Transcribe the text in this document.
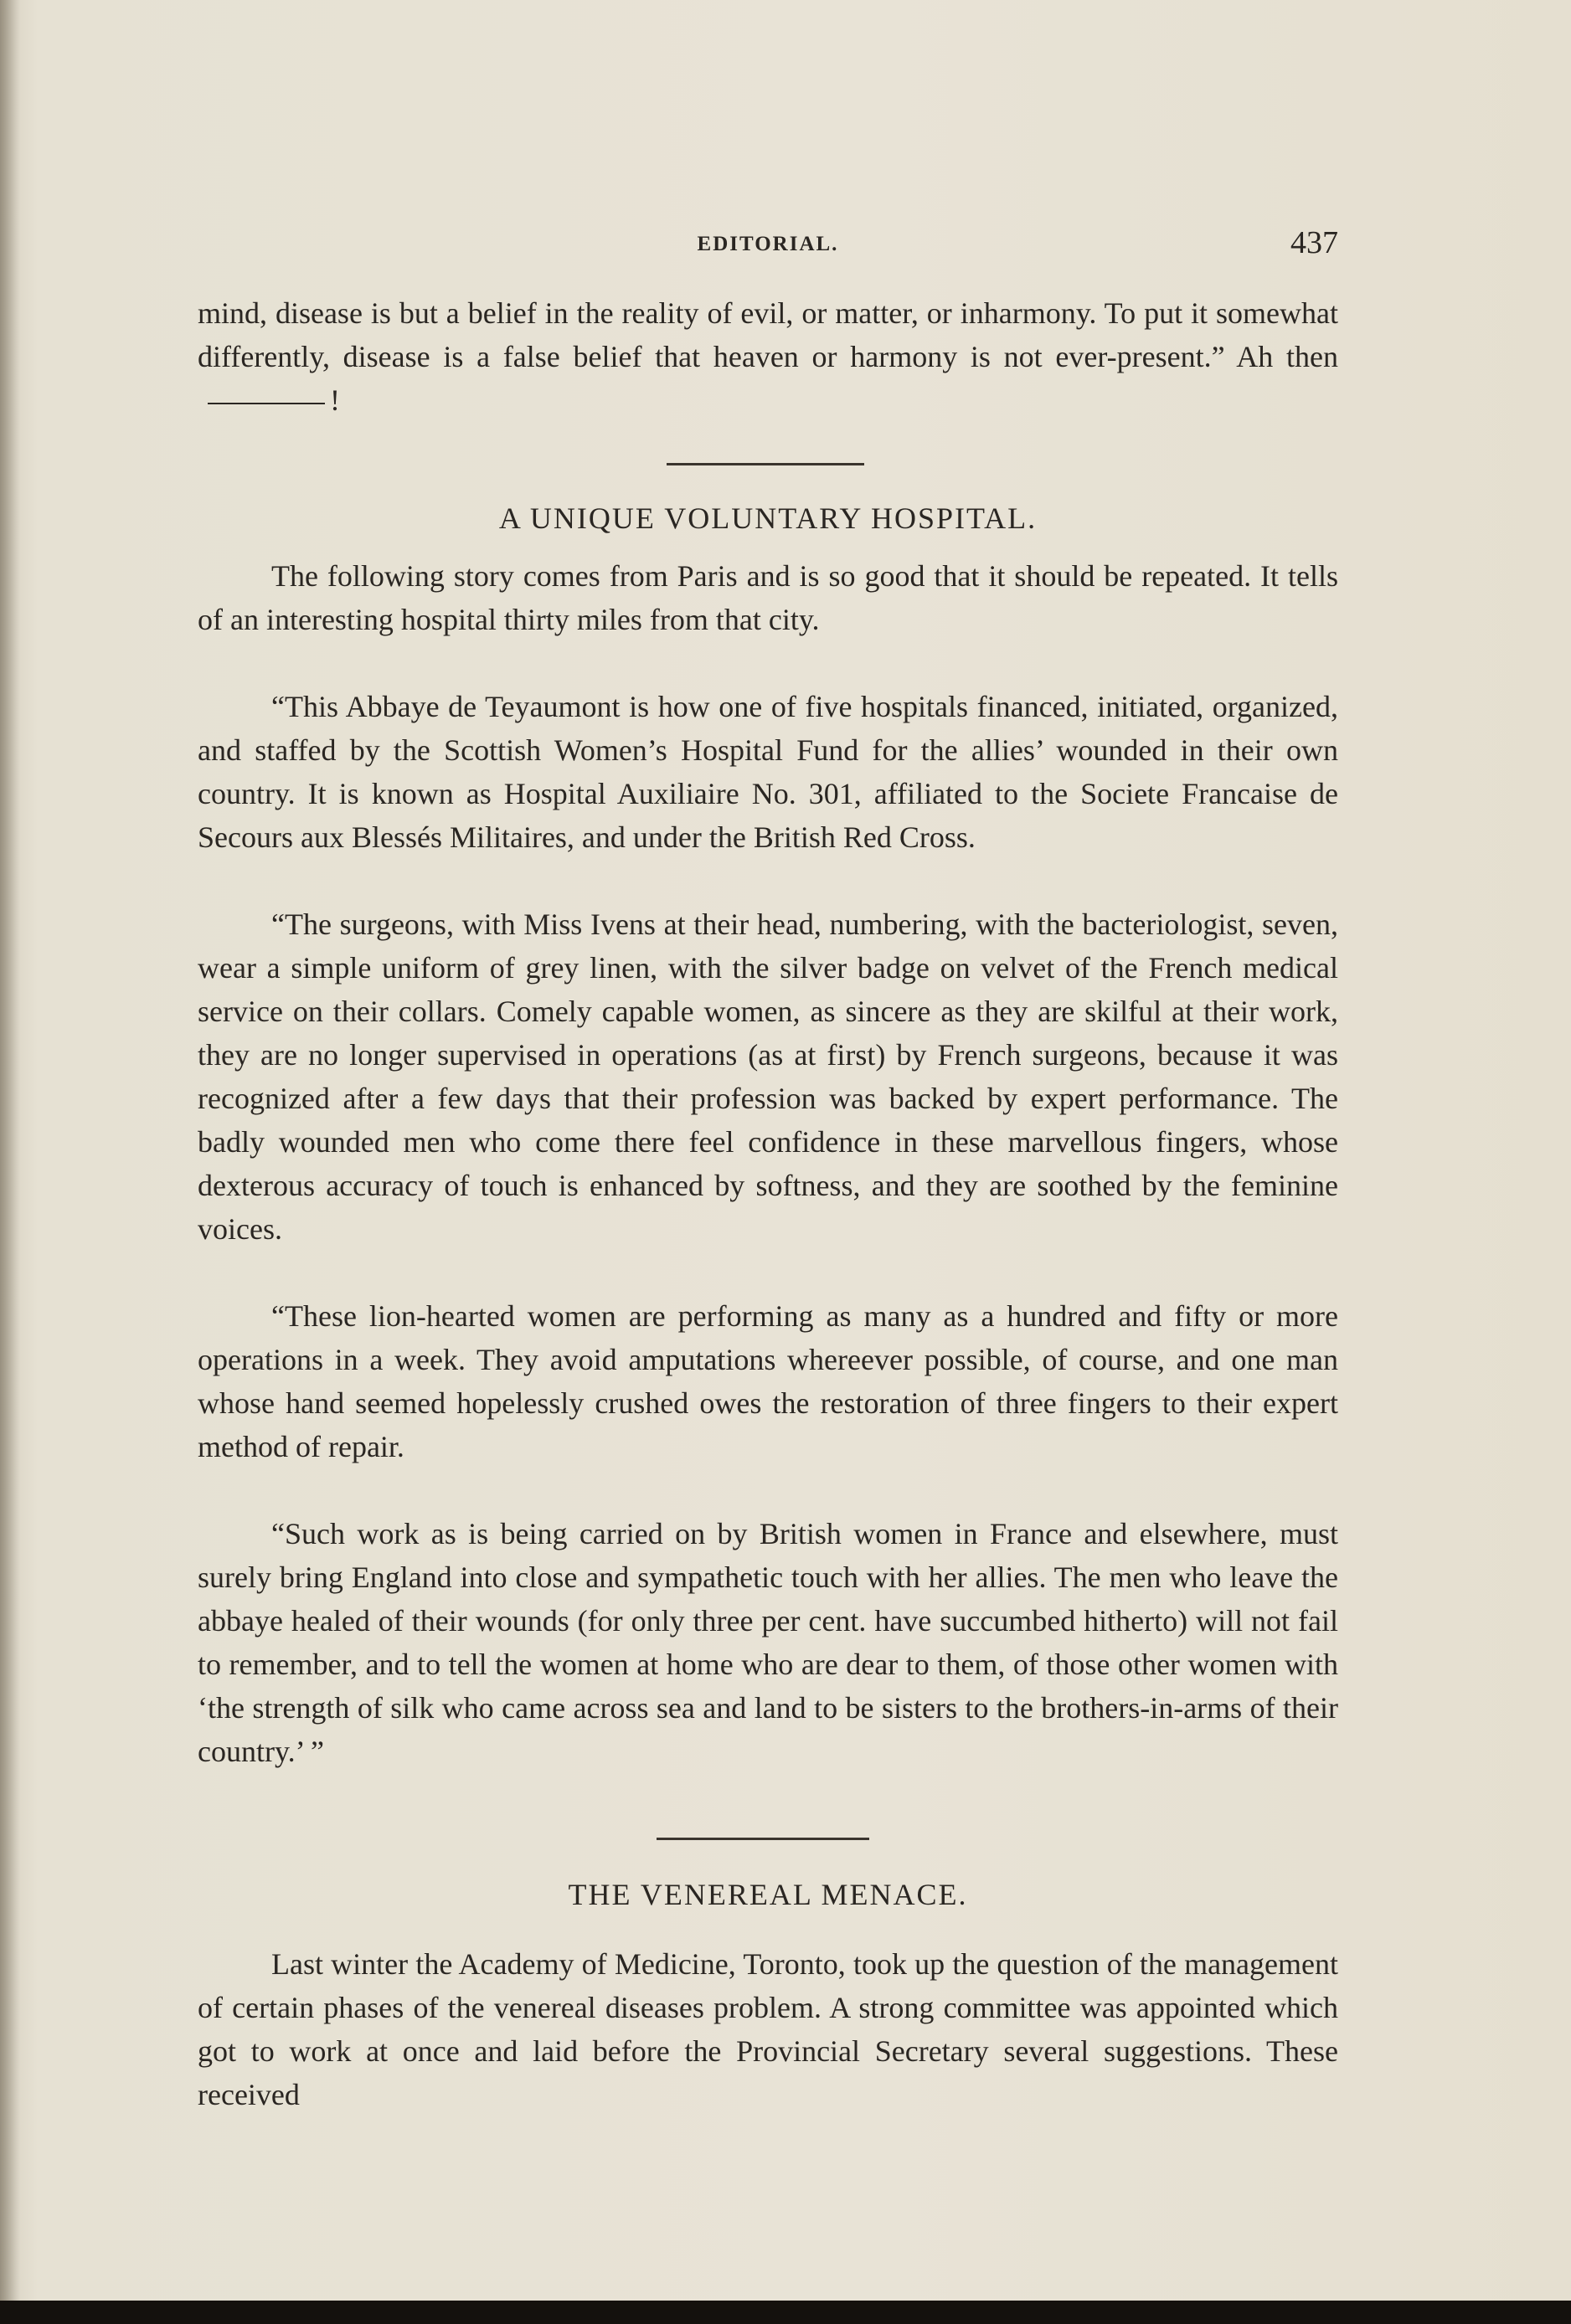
EDITORIAL.	437

mind, disease is but a belief in the reality of evil, or matter, or inharmony. To put it somewhat differently, disease is a false belief that heaven or harmony is not ever-present.” Ah then!

A UNIQUE VOLUNTARY HOSPITAL.

The following story comes from Paris and is so good that it should be repeated. It tells of an interesting hospital thirty miles from that city.

“This Abbaye de Teyaumont is how one of five hospitals financed, initiated, organized, and staffed by the Scottish Women’s Hospital Fund for the allies’ wounded in their own country. It is known as Hospital Auxiliaire No. 301, affiliated to the Societe Francaise de Secours aux Blessés Militaires, and under the British Red Cross.

“The surgeons, with Miss Ivens at their head, numbering, with the bacteriologist, seven, wear a simple uniform of grey linen, with the silver badge on velvet of the French medical service on their collars. Comely capable women, as sincere as they are skilful at their work, they are no longer supervised in operations (as at first) by French surgeons, because it was recognized after a few days that their profession was backed by expert performance. The badly wounded men who come there feel confidence in these marvellous fingers, whose dexterous accuracy of touch is enhanced by softness, and they are soothed by the feminine voices.

“These lion-hearted women are performing as many as a hundred and fifty or more operations in a week. They avoid amputations whereever possible, of course, and one man whose hand seemed hopelessly crushed owes the restoration of three fingers to their expert method of repair.

“Such work as is being carried on by British women in France and elsewhere, must surely bring England into close and sympathetic touch with her allies. The men who leave the abbaye healed of their wounds (for only three per cent. have succumbed hitherto) will not fail to remember, and to tell the women at home who are dear to them, of those other women with ‘the strength of silk who came across sea and land to be sisters to the brothers-in-arms of their country.’ ”

THE VENEREAL MENACE.

Last winter the Academy of Medicine, Toronto, took up the question of the management of certain phases of the venereal diseases problem. A strong committee was appointed which got to work at once and laid before the Provincial Secretary several suggestions. These received
